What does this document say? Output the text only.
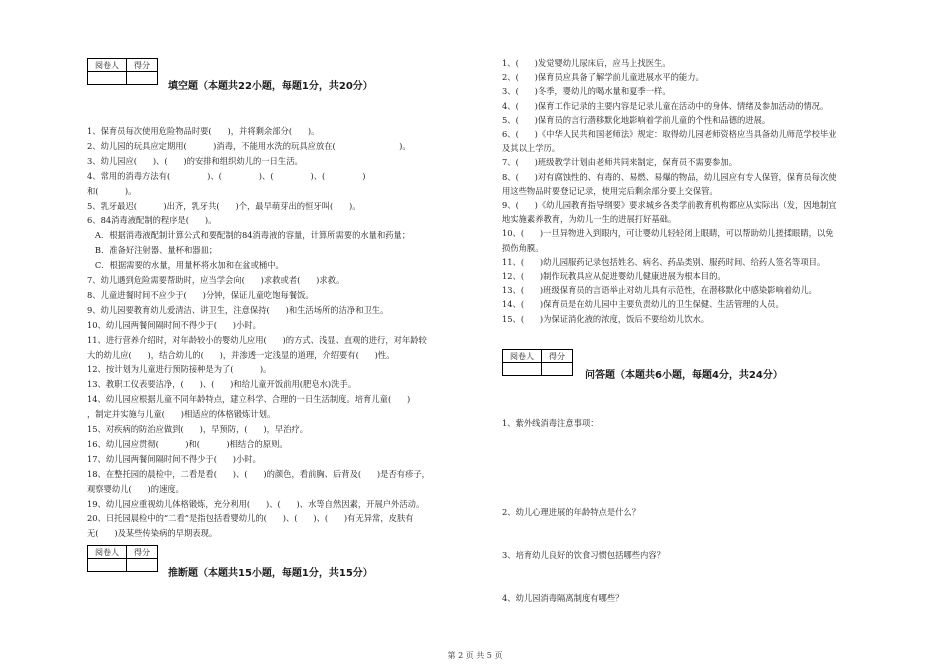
阅卷人	得分

填空题（本题共22小题，每题1分，共20分）
1、保育员每次使用危险物品时要(      )，并将剩余部分(      )。
2、幼儿园的玩具应定期用(          )消毒，不能用水洗的玩具应放在(                        )。
3、幼儿园应(      )、(      )的安排和组织幼儿的一日生活。
4、常用的消毒方法有(              )、(              )、(              )、(              )
和(          )。
5、乳牙最迟(          )出齐，乳牙共(      )个，最早萌芽出的恒牙叫(      )。
6、84消毒液配制的程序是(      )。
A．根据消毒液配制计算公式和要配制的84消毒液的容量，计算所需要的水量和药量；
B．准备好注射器、量杯和器皿；
C．根据需要的水量，用量杯将水加和在盆或桶中。
7、幼儿遇到危险需要帮助时，应当学会向(      )求救或者(      )求救。
8、儿童进餐时间不应少于(      )分钟，保证儿童吃饱每餐饭。
9、幼儿园要教育幼儿爱清洁、讲卫生，注意保持(      )和生活场所的洁净和卫生。
10、幼儿园两餐间隔时间不得少于(      )小时。
11、进行营养介绍时，对年龄较小的婴幼儿应用(      )的方式、浅显、直观的进行，对年龄较
大的幼儿应(      )，结合幼儿的(      )，并渗透一定浅显的道理，介绍要有(      )性。
12、按计划为儿童进行预防接种是为了(          )。
13、教职工仪表要洁净，(      )、(      )和给儿童开饭前用(肥皂水)洗手。
14、幼儿园应根据儿童不同年龄特点，建立科学、合理的一日生活制度。培育儿童(      )
，制定并实施与儿童(      )相适应的体格锻炼计划。
15、对疾病的防治应做到(      )，早预防，(      )，早治疗。
16、幼儿园应贯彻(          )和(          )相结合的原则。
17、幼儿园两餐间隔时间不得少于(      )小时。
18、在整托园的晨检中，二看是看(      )、(      )的颜色，看前胸、后背及(      )是否有疹子，
观察婴幼儿(      )的速度。
19、幼儿园应重视幼儿体格锻炼，充分利用(      )、(      )、水等自然因素，开展户外活动。
20、日托园晨检中的“二看”是指包括看婴幼儿的(      )、(      )、(      )有无异常，皮肤有
无(      )及某些传染病的早期表现。
阅卷人	得分

推断题（本题共15小题，每题1分，共15分）
1、(      )发觉婴幼儿尿床后，应马上找医生。
2、(      )保育员应具备了解学前儿童进展水平的能力。
3、(      )冬季，婴幼儿的喝水量和夏季一样。
4、(      )保育工作记录的主要内容是记录儿童在活动中的身体、情绪及参加活动的情况。
5、(      )保育员的言行潜移默化地影响着学前儿童的个性和品德的进展。
6、(      )《中华人民共和国老师法》规定：取得幼儿园老师资格应当具备幼儿师范学校毕业
及其以上学历。
7、(      )班级教学计划由老师共同来制定，保育员不需要参加。
8、(      )对有腐蚀性的、有毒的、易燃、易爆的物品，幼儿园应有专人保管，保育员每次使
用这些物品时要登记记录，使用完后剩余部分要上交保管。
9、(      )《幼儿园教育指导纲要》要求城乡各类学前教育机构都应从实际出（发，因地制宜
地实施素养教育，为幼儿一生的进展打好基础。
10、(      )一旦异物进入到眼内，可让婴幼儿轻轻闭上眼睛，可以帮助幼儿搓揉眼睛，以免
损伤角膜。
11、(      )幼儿园服药记录包括姓名、病名、药品类别、服药时间、给药人签名等项目。
12、(      )制作玩教具应从促进婴幼儿健康进展为根本目的。
13、(      )班级保育员的言语举止对幼儿具有示范性，在潜移默化中感染影响着幼儿。
14、(      )保育员是在幼儿园中主要负责幼儿的卫生保健、生活管理的人员。
15、(      )为保证消化液的浓度，饭后不要给幼儿饮水。
阅卷人	得分

问答题（本题共6小题，每题4分，共24分）
1、紫外线消毒注意事项：
2、幼儿心理进展的年龄特点是什么？
3、培育幼儿良好的饮食习惯包括哪些内容？
4、幼儿园消毒隔离制度有哪些？
第 2 页 共 5 页
